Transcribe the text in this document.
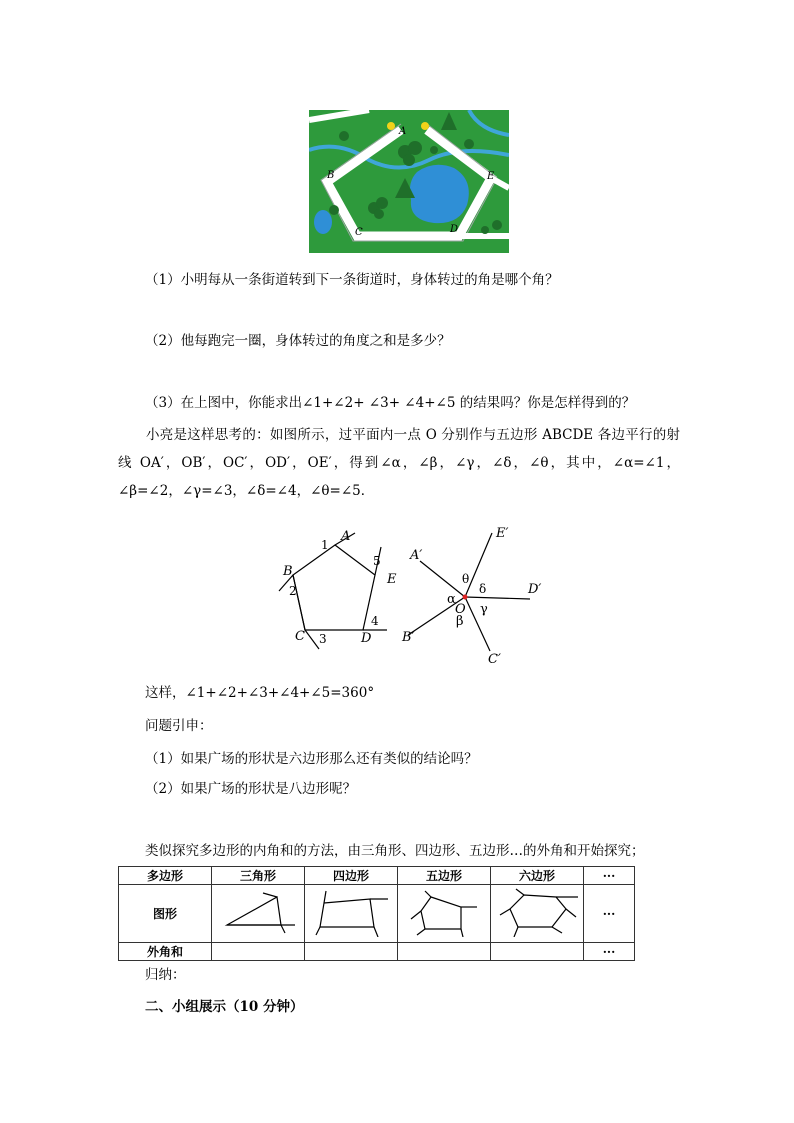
A
B
C	D
E
（1）小明每从一条街道转到下一条街道时，身体转过的角是哪个角？
（2）他每跑完一圈，身体转过的角度之和是多少？
（3）在上图中，你能求出∠1+∠2+ ∠3+ ∠4+∠5 的结果吗？你是怎样得到的？
小亮是这样思考的：如图所示，过平面内一点 O 分别作与五边形 ABCDE 各边平行的射线 OA′，OB′，OC′，OD′，OE′，得到∠α，∠β，∠γ，∠δ，∠θ，其中，∠α=∠1，∠β=∠2，∠γ=∠3，∠δ=∠4，∠θ=∠5．
A
B
C	D
E
1
2
3
4
5
E′
A′
D′
B′
C′
O
α
β
γ
δ
θ
这样，∠1+∠2+∠3+∠4+∠5=360°
问题引申：
（1）如果广场的形状是六边形那么还有类似的结论吗？
（2）如果广场的形状是八边形呢？
类似探究多边形的内角和的方法，由三角形、四边形、五边形…的外角和开始探究；
多边形	三角形	四边形	五边形	六边形	···
图形					···
外角和					···
归纳：
二、小组展示（10 分钟）
